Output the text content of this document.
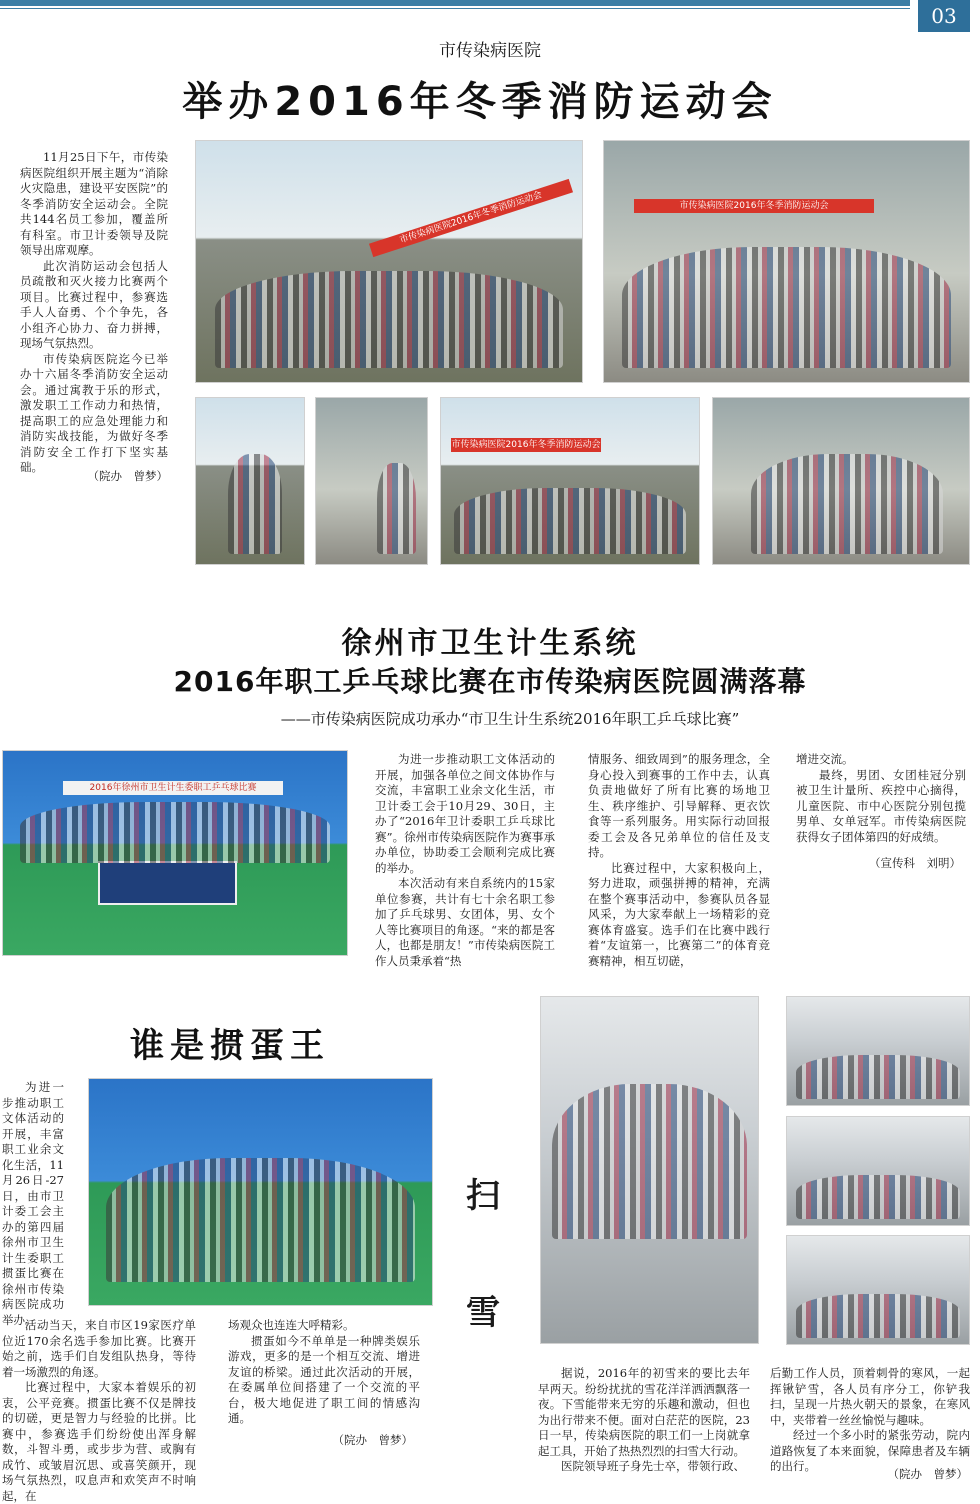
03
市传染病医院
举办2016年冬季消防运动会

11月25日下午，市传染病医院组织开展主题为“消除火灾隐患，建设平安医院”的冬季消防安全运动会。全院共144名员工参加，覆盖所有科室。市卫计委领导及院领导出席观摩。

此次消防运动会包括人员疏散和灭火接力比赛两个项目。比赛过程中，参赛选手人人奋勇、个个争先，各小组齐心协力、奋力拼搏，现场气氛热烈。

市传染病医院迄今已举办十六届冬季消防安全运动会。通过寓教于乐的形式，激发职工工作动力和热情，提高职工的应急处理能力和消防实战技能，为做好冬季消防安全工作打下坚实基础。

（院办　曾梦）
市传染病医院2016年冬季消防运动会	市传染病医院2016年冬季消防运动会
市传染病医院2016年冬季消防运动会
徐州市卫生计生系统
2016年职工乒乓球比赛在市传染病医院圆满落幕
——市传染病医院成功承办“市卫生计生系统2016年职工乒乓球比赛”
2016年徐州市卫生计生委职工乒乓球比赛

为进一步推动职工文体活动的开展，加强各单位之间文体协作与交流，丰富职工业余文化生活，市卫计委工会于10月29、30日，主办了“2016年卫计委职工乒乓球比赛”。徐州市传染病医院作为赛事承办单位，协助委工会顺利完成比赛的举办。

本次活动有来自系统内的15家单位参赛，共计有七十余名职工参加了乒乓球男、女团体，男、女个人等比赛项目的角逐。“来的都是客人，也都是朋友！”市传染病医院工作人员秉承着“热

情服务、细致周到”的服务理念，全身心投入到赛事的工作中去，认真负责地做好了所有比赛的场地卫生、秩序维护、引导解释、更衣饮食等一系列服务。用实际行动回报委工会及各兄弟单位的信任及支持。

比赛过程中，大家积极向上，努力进取，顽强拼搏的精神，充满在整个赛事活动中，参赛队员各显风采，为大家奉献上一场精彩的竞赛体育盛宴。选手们在比赛中践行着“友谊第一，比赛第二”的体育竞赛精神，相互切磋，

增进交流。

最终，男团、女团桂冠分别被卫生计量所、疾控中心摘得，儿童医院、市中心医院分别包揽男单、女单冠军。市传染病医院获得女子团体第四的好成绩。

（宣传科　刘明）
谁是掼蛋王

为进一步推动职工文体活动的开展，丰富职工业余文化生活，11月26日-27日，由市卫计委工会主办的第四届徐州市卫生计生委职工掼蛋比赛在徐州市传染病医院成功举办。

活动当天，来自市区19家医疗单位近170余名选手参加比赛。比赛开始之前，选手们自发组队热身，等待着一场激烈的角逐。

比赛过程中，大家本着娱乐的初衷，公平竞赛。掼蛋比赛不仅是牌技的切磋，更是智力与经验的比拼。比赛中，参赛选手们纷纷使出浑身解数，斗智斗勇，或步步为营、或胸有成竹、或皱眉沉思、或喜笑颜开，现场气氛热烈，叹息声和欢笑声不时响起，在

场观众也连连大呼精彩。

掼蛋如今不单单是一种牌类娱乐游戏，更多的是一个相互交流、增进友谊的桥梁。通过此次活动的开展，在委属单位间搭建了一个交流的平台，极大地促进了职工间的情感沟通。

（院办　曾梦）
扫
雪

据说，2016年的初雪来的要比去年早两天。纷纷扰扰的雪花洋洋洒洒飘落一夜。下雪能带来无穷的乐趣和激动，但也为出行带来不便。面对白茫茫的医院，23日一早，传染病医院的职工们一上岗就拿起工具，开始了热热烈烈的扫雪大行动。

医院领导班子身先士卒，带领行政、

后勤工作人员，顶着刺骨的寒风，一起挥锹铲雪，各人员有序分工，你铲我扫，呈现一片热火朝天的景象，在寒风中，夹带着一丝丝愉悦与趣味。

经过一个多小时的紧张劳动，院内道路恢复了本来面貌，保障患者及车辆的出行。

（院办　曾梦）
